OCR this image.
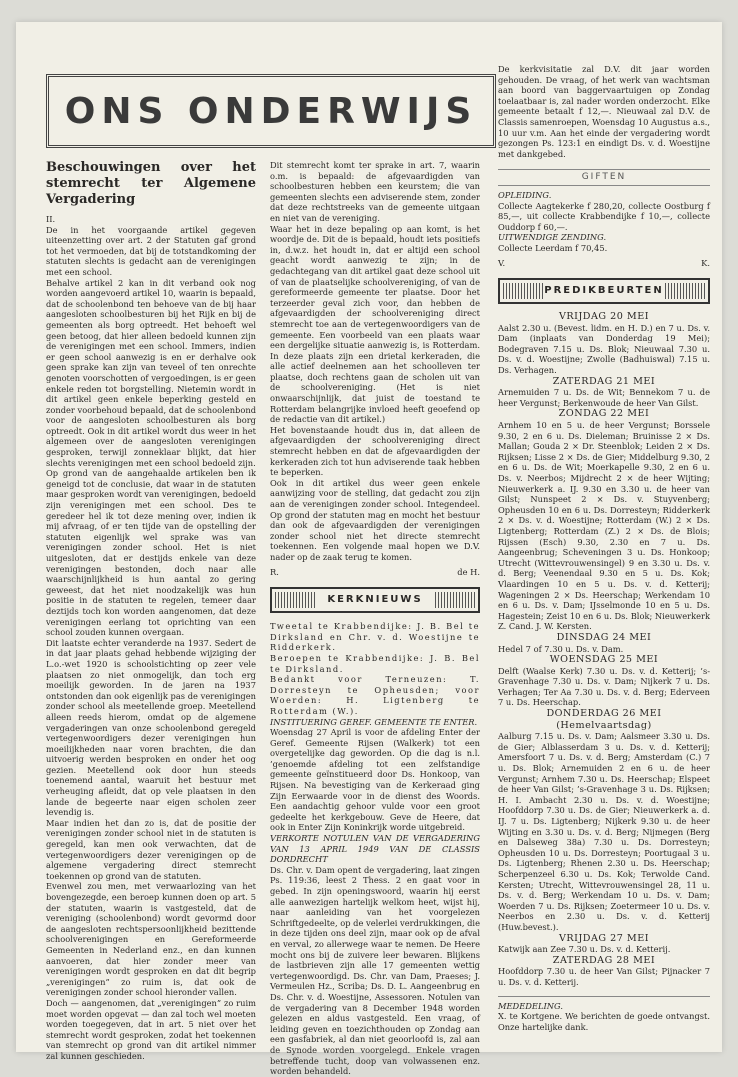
ONS ONDERWIJS
Beschouwingen over het stemrecht ter Algemene Vergadering

II.

De in het voorgaande artikel gegeven uiteenzetting over art. 2 der Statuten gaf grond tot het vermoeden, dat bij de totstandkoming der statuten slechts is gedacht aan de verenigingen met een school.

Behalve artikel 2 kan in dit verband ook nog worden aangevoerd artikel 10, waarin is bepaald, dat de schoolenbond ten behoeve van de bij haar aangesloten schoolbesturen bij het Rijk en bij de gemeenten als borg optreedt. Het behoeft wel geen betoog, dat hier alleen bedoeld kunnen zijn de verenigingen met een school. Immers, indien er geen school aanwezig is en er derhalve ook geen sprake kan zijn van teveel of ten onrechte genoten voorschotten of vergoedingen, is er geen enkele reden tot borgstelling. Nietemin wordt in dit artikel geen enkele beperking gesteld en zonder voorbehoud bepaald, dat de schoolenbond voor de aangesloten schoolbesturen als borg optreedt. Ook in dit artikel wordt dus weer in het algemeen over de aangesloten verenigingen gesproken, terwijl zonneklaar blijkt, dat hier slechts verenigingen met een school bedoeld zijn.

Op grond van de aangehaalde artikelen ben ik geneigd tot de conclusie, dat waar in de statuten maar gesproken wordt van verenigingen, bedoeld zijn verenigingen met een school. Des te geredeer hel ik tot deze mening over, indien ik mij afvraag, of er ten tijde van de opstelling der statuten eigenlijk wel sprake was van verenigingen zonder school. Het is niet uitgesloten, dat er destijds enkele van deze verenigingen bestonden, doch naar alle waarschijnlijkheid is hun aantal zo gering geweest, dat het niet noodzakelijk was hun positie in de statuten te regelen, temeer daar deztijds toch kon worden aangenomen, dat deze verenigingen eerlang tot oprichting van een school zouden kunnen overgaan.

Dit laatste echter veranderde na 1937. Sedert de in dat jaar plaats gehad hebbende wijziging der L.o.-wet 1920 is schoolstichting op zeer vele plaatsen zo niet onmogelijk, dan toch erg moeilijk geworden. In de jaren na 1937 ontstonden dan ook eigenlijk pas de verenigingen zonder school als meetellende groep. Meetellend alleen reeds hierom, omdat op de algemene vergaderingen van onze schoolenbond geregeld vertegenwoordigers dezer verenigingen hun moeilijkheden naar voren brachten, die dan uitvoerig werden besproken en onder het oog gezien. Meetellend ook door hun steeds toenemend aantal, waaruit het bestuur met verheuging afleidt, dat op vele plaatsen in den lande de begeerte naar eigen scholen zeer levendig is.

Maar indien het dan zo is, dat de positie der verenigingen zonder school niet in de statuten is geregeld, kan men ook verwachten, dat de vertegenwoordigers dezer verenigingen op de algemene vergadering direct stemrecht toekennen op grond van de statuten.

Evenwel zou men, met verwaarlozing van het bovengezegde, een beroep kunnen doen op art. 5 der statuten, waarin is vastgesteld, dat de vereniging (schoolenbond) wordt gevormd door de aangesloten rechtspersoonlijkheid bezittende schoolverenigingen en Gereformeerde Gemeenten in Nederland enz., en dan kunnen aanvoeren, dat hier zonder meer van verenigingen wordt gesproken en dat dit begrip „verenigingen” zo ruim is, dat ook de verenigingen zonder school hieronder vallen.

Doch — aangenomen, dat „verenigingen” zo ruim moet worden opgevat — dan zal toch wel moeten worden toegegeven, dat in art. 5 niet over het stemrecht wordt gesproken, zodat het toekennen van stemrecht op grond van dit artikel nimmer zal kunnen geschieden.

Dit stemrecht komt ter sprake in art. 7, waarin o.m. is bepaald: de afgevaardigden van schoolbesturen hebben een keurstem; die van gemeenten slechts een adviserende stem, zonder dat deze rechtstreeks van de gemeente uitgaan en niet van de vereniging.

Waar het in deze bepaling op aan komt, is het woordje de. Dit de is bepaald, houdt iets positiefs in, d.w.z. het houdt in, dat er altijd een school geacht wordt aanwezig te zijn; in de gedachtegang van dit artikel gaat deze school uit of van de plaatselijke schoolvereniging, of van de gereformeerde gemeente ter plaatse. Door het terzeerder geval zich voor, dan hebben de afgevaardigden der schoolvereniging direct stemrecht toe aan de vertegenwoordigers van de gemeente. Een voorbeeld van een plaats waar een dergelijke situatie aanwezig is, is Rotterdam. In deze plaats zijn een drietal kerkeraden, die alle actief deelnemen aan het schoolleven ter plaatse, doch rechtens gaan de scholen uit van de schoolvereniging. (Het is niet onwaarschijnlijk, dat juist de toestand te Rotterdam belangrijke invloed heeft geoefend op de redactie van dit artikel.)

Het bovenstaande houdt dus in, dat alleen de afgevaardigden der schoolvereniging direct stemrecht hebben en dat de afgevaardigden der kerkeraden zich tot hun adviserende taak hebben te beperken.

Ook in dit artikel dus weer geen enkele aanwijzing voor de stelling, dat gedacht zou zijn aan de verenigingen zonder school. Integendeel. Op grond der statuten mag en mocht het bestuur dan ook de afgevaardigden der verenigingen zonder school niet het directe stemrecht toekennen. Een volgende maal hopen we D.V. nader op de zaak terug te komen.

R.	de H.
KERKNIEUWS

Tweetal te Krabbendijke: J. B. Bel te Dirksland en Chr. v. d. Woestijne te Ridderkerk.

Beroepen te Krabbendijke: J. B. Bel te Dirksland.

Bedankt voor Terneuzen: T. Dorresteyn te Opheusden; voor Woerden: H. Ligtenberg te Rotterdam (W.).

INSTITUERING GEREF. GEMEENTE TE ENTER.

Woensdag 27 April is voor de afdeling Enter der Geref. Gemeente Rijsen (Walkerk) tot een overgetelijke dag geworden. Op die dag is n.l. ’genoemde afdeling tot een zelfstandige gemeente geïnstitueerd door Ds. Honkoop, van Rijsen. Na bevestiging van de Kerkeraad ging Zijn Eerwaarde voor in de dienst des Woords. Een aandachtig gehoor vulde voor een groot gedeelte het kerkgebouw. Geve de Heere, dat ook in Enter Zijn Koninkrijk worde uitgebreid.

VERKORTE NOTULEN VAN DE VERGADERING VAN 13 APRIL 1949 VAN DE CLASSIS DORDRECHT

Ds. Chr. v. Dam opent de vergadering, laat zingen Ps. 119:36, leest 2 Thess. 2 en gaat voor in gebed. In zijn openingswoord, waarin hij eerst alle aanwezigen hartelijk welkom heet, wijst hij, naar aanleiding van het voorgelezen Schriftgedeelte, op de velerlei verdrukkingen, die in deze tijden ons deel zijn, maar ook op de afval en verval, zo allerwege waar te nemen. De Heere mocht ons bij de zuivere leer bewaren. Blijkens de lastbrieven zijn alle 17 gemeenten wettig vertegenwoordigd. Ds. Chr. van Dam, Praeses; J. Vermeulen Hz., Scriba; Ds. D. L. Aangeenbrug en Ds. Chr. v. d. Woestijne, Assessoren. Notulen van de vergadering van 8 December 1948 worden gelezen en aldus vastgesteld. Een vraag, of leiding geven en toezichthouden op Zondag aan een gasfabriek, al dan niet geoorloofd is, zal aan de Synode worden voorgelegd. Enkele vragen betreffende tucht, doop van volwassenen enz. worden behandeld.

De kerkvisitatie zal D.V. dit jaar worden gehouden. De vraag, of het werk van wachtsman aan boord van baggervaartuigen op Zondag toelaatbaar is, zal nader worden onderzocht. Elke gemeente betaalt f 12,—. Nieuwaal zal D.V. de Classis samenroepen, Woensdag 10 Augustus a.s., 10 uur v.m. Aan het einde der vergadering wordt gezongen Ps. 123:1 en eindigt Ds. v. d. Woestijne met dankgebed.

GIFTEN

OPLEIDING.

Collecte Aagtekerke f 280,20, collecte Oostburg f 85,—, uit collecte Krabbendijke f 10,—, collecte Ouddorp f 60,—.

UITWENDIGE ZENDING.

Collecte Leerdam f 70,45.

V.	K.
PREDIKBEURTEN
VRIJDAG 20 MEI

Aalst 2.30 u. (Bevest. lidm. en H. D.) en 7 u. Ds. v. Dam (inplaats van Donderdag 19 Mei); Bodegraven 7.15 u. Ds. Blok; Nieuwaal 7.30 u. Ds. v. d. Woestijne; Zwolle (Badhuiswal) 7.15 u. Ds. Verhagen.

ZATERDAG 21 MEI

Arnemuiden 7 u. Ds. de Wit; Bennekom 7 u. de heer Vergunst; Berkenwoude de heer Van Gilst.

ZONDAG 22 MEI

Arnhem 10 en 5 u. de heer Vergunst; Borssele 9.30, 2 en 6 u. Ds. Dieleman; Bruinisse 2 × Ds. Mallan; Gouda 2 × Dr. Steenblok; Leiden 2 × Ds. Rijksen; Lisse 2 × Ds. de Gier; Middelburg 9.30, 2 en 6 u. Ds. de Wit; Moerkapelle 9.30, 2 en 6 u. Ds. v. Neerbos; Mijdrecht 2 × de heer Wijting; Nieuwerkerk a. IJ. 9.30 en 3.30 u. de heer van Gilst; Nunspeet 2 × Ds. v. Stuyvenberg; Opheusden 10 en 6 u. Ds. Dorresteyn; Ridderkerk 2 × Ds. v. d. Woestijne; Rotterdam (W.) 2 × Ds. Ligtenberg; Rotterdam (Z.) 2 × Ds. de Blois; Rijssen (Esch) 9.30, 2.30 en 7 u. Ds. Aangeenbrug; Scheveningen 3 u. Ds. Honkoop; Utrecht (Wittevrouwensingel) 9 en 3.30 u. Ds. v. d. Berg; Veenendaal 9.30 en 5 u. Ds. Kok; Vlaardingen 10 en 5 u. Ds. v. d. Ketterij; Wageningen 2 × Ds. Heerschap; Werkendam 10 en 6 u. Ds. v. Dam; IJsselmonde 10 en 5 u. Ds. Hagestein; Zeist 10 en 6 u. Ds. Blok; Nieuwerkerk Z. Cand. J. W. Kersten.

DINSDAG 24 MEI

Hedel 7 of 7.30 u. Ds. v. Dam.

WOENSDAG 25 MEI

Delft (Waalse Kerk) 7.30 u. Ds. v. d. Ketterij; ’s-Gravenhage 7.30 u. Ds. v. Dam; Nijkerk 7 u. Ds. Verhagen; Ter Aa 7.30 u. Ds. v. d. Berg; Ederveen 7 u. Ds. Heerschap.

DONDERDAG 26 MEI
(Hemelvaartsdag)

Aalburg 7.15 u. Ds. v. Dam; Aalsmeer 3.30 u. Ds. de Gier; Alblasserdam 3 u. Ds. v. d. Ketterij; Amersfoort 7 u. Ds. v. d. Berg; Amsterdam (C.) 7 u. Ds. Blok; Arnemuiden 2 en 6 u. de heer Vergunst; Arnhem 7.30 u. Ds. Heerschap; Elspeet de heer Van Gilst; ’s-Gravenhage 3 u. Ds. Rijksen; H. I. Ambacht 2.30 u. Ds. v. d. Woestijne; Hoofddorp 7.30 u. Ds. de Gier; Nieuwerkerk a. d. IJ. 7 u. Ds. Ligtenberg; Nijkerk 9.30 u. de heer Wijting en 3.30 u. Ds. v. d. Berg; Nijmegen (Berg en Dalseweg 38a) 7.30 u. Ds. Dorresteyn; Opheusden 10 u. Ds. Dorresteyn; Poortugaal 3 u. Ds. Ligtenberg; Rhenen 2.30 u. Ds. Heerschap; Scherpenzeel 6.30 u. Ds. Kok; Terwolde Cand. Kersten; Utrecht, Wittevrouwensingel 28, 11 u. Ds. v. d. Berg; Werkendam 10 u. Ds. v. Dam; Woerden 7 u. Ds. Rijksen; Zoetermeer 10 u. Ds. v. Neerbos en 2.30 u. Ds. v. d. Ketterij (Huw.bevest.).

VRIJDAG 27 MEI

Katwijk aan Zee 7.30 u. Ds. v. d. Ketterij.

ZATERDAG 28 MEI

Hoofddorp 7.30 u. de heer Van Gilst; Pijnacker 7 u. Ds. v. d. Ketterij.

MEDEDELING.

X. te Kortgene. We berichten de goede ontvangst. Onze hartelijke dank.
